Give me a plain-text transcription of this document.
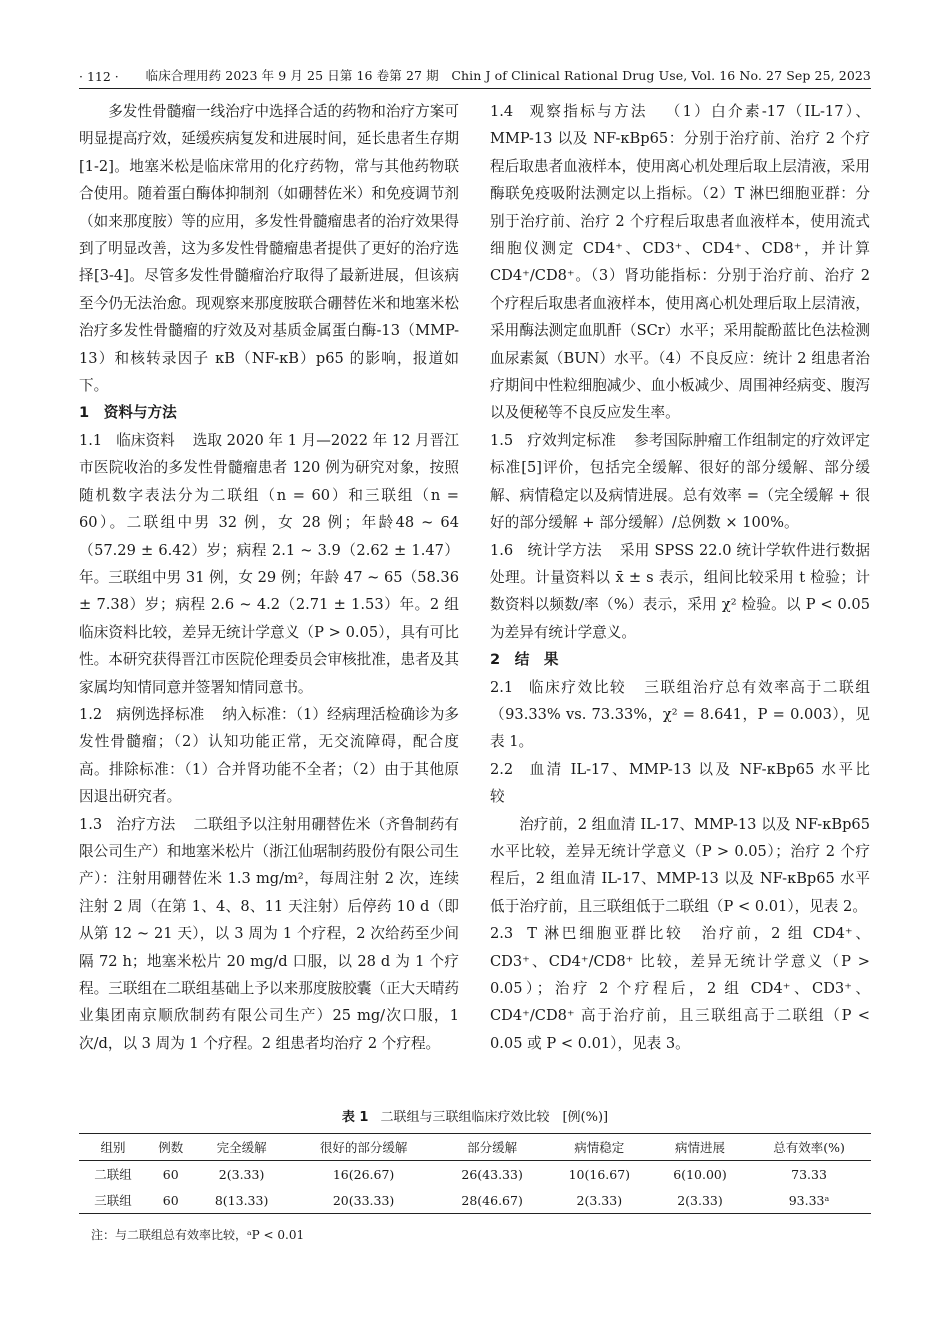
· 112 · 临床合理用药 2023 年 9 月 25 日第 16 卷第 27 期　Chin J of Clinical Rational Drug Use, Vol. 16 No. 27 Sep 25, 2023

多发性骨髓瘤一线治疗中选择合适的药物和治疗方案可明显提高疗效，延缓疾病复发和进展时间，延长患者生存期[1-2]。地塞米松是临床常用的化疗药物，常与其他药物联合使用。随着蛋白酶体抑制剂（如硼替佐米）和免疫调节剂（如来那度胺）等的应用，多发性骨髓瘤患者的治疗效果得到了明显改善，这为多发性骨髓瘤患者提供了更好的治疗选择[3-4]。尽管多发性骨髓瘤治疗取得了最新进展，但该病至今仍无法治愈。现观察来那度胺联合硼替佐米和地塞米松治疗多发性骨髓瘤的疗效及对基质金属蛋白酶-13（MMP-13）和核转录因子 κB（NF-κB）p65 的影响，报道如下。

1　资料与方法

1.1 临床资料 选取 2020 年 1 月—2022 年 12 月晋江市医院收治的多发性骨髓瘤患者 120 例为研究对象，按照随机数字表法分为二联组（n = 60）和三联组（n = 60）。二联组中男 32 例，女 28 例；年龄48 ~ 64（57.29 ± 6.42）岁；病程 2.1 ~ 3.9（2.62 ± 1.47）年。三联组中男 31 例，女 29 例；年龄 47 ~ 65（58.36 ± 7.38）岁；病程 2.6 ~ 4.2（2.71 ± 1.53）年。2 组临床资料比较，差异无统计学意义（P > 0.05），具有可比性。本研究获得晋江市医院伦理委员会审核批准，患者及其家属均知情同意并签署知情同意书。

1.2 病例选择标准 纳入标准：（1）经病理活检确诊为多发性骨髓瘤；（2）认知功能正常，无交流障碍，配合度高。排除标准：（1）合并肾功能不全者；（2）由于其他原因退出研究者。

1.3 治疗方法 二联组予以注射用硼替佐米（齐鲁制药有限公司生产）和地塞米松片（浙江仙琚制药股份有限公司生产）：注射用硼替佐米 1.3 mg/m²，每周注射 2 次，连续注射 2 周（在第 1、4、8、11 天注射）后停药 10 d（即从第 12 ~ 21 天），以 3 周为 1 个疗程，2 次给药至少间隔 72 h；地塞米松片 20 mg/d 口服，以 28 d 为 1 个疗程。三联组在二联组基础上予以来那度胺胶囊（正大天晴药业集团南京顺欣制药有限公司生产）25 mg/次口服，1 次/d，以 3 周为 1 个疗程。2 组患者均治疗 2 个疗程。

1.4 观察指标与方法 （1）白介素-17（IL-17）、MMP-13 以及 NF-κBp65：分别于治疗前、治疗 2 个疗程后取患者血液样本，使用离心机处理后取上层清液，采用酶联免疫吸附法测定以上指标。（2）T 淋巴细胞亚群：分别于治疗前、治疗 2 个疗程后取患者血液样本，使用流式细胞仪测定 CD4⁺、CD3⁺、CD4⁺、CD8⁺，并计算 CD4⁺/CD8⁺。（3）肾功能指标：分别于治疗前、治疗 2 个疗程后取患者血液样本，使用离心机处理后取上层清液，采用酶法测定血肌酐（SCr）水平；采用靛酚蓝比色法检测血尿素氮（BUN）水平。（4）不良反应：统计 2 组患者治疗期间中性粒细胞减少、血小板减少、周围神经病变、腹泻以及便秘等不良反应发生率。

1.5 疗效判定标准 参考国际肿瘤工作组制定的疗效评定标准[5]评价，包括完全缓解、很好的部分缓解、部分缓解、病情稳定以及病情进展。总有效率 =（完全缓解 + 很好的部分缓解 + 部分缓解）/总例数 × 100%。

1.6 统计学方法 采用 SPSS 22.0 统计学软件进行数据处理。计量资料以 x̄ ± s 表示，组间比较采用 t 检验；计数资料以频数/率（%）表示，采用 χ² 检验。以 P < 0.05 为差异有统计学意义。

2　结　果

2.1 临床疗效比较 三联组治疗总有效率高于二联组（93.33% vs. 73.33%，χ² = 8.641，P = 0.003），见表 1。

2.2 血清 IL-17、MMP-13 以及 NF-κBp65 水平比较

治疗前，2 组血清 IL-17、MMP-13 以及 NF-κBp65 水平比较，差异无统计学意义（P > 0.05）；治疗 2 个疗程后，2 组血清 IL-17、MMP-13 以及 NF-κBp65 水平低于治疗前，且三联组低于二联组（P < 0.01），见表 2。

2.3 T 淋巴细胞亚群比较 治疗前，2 组 CD4⁺、CD3⁺、CD4⁺/CD8⁺ 比较，差异无统计学意义（P > 0.05）；治疗 2 个疗程后，2 组 CD4⁺、CD3⁺、CD4⁺/CD8⁺ 高于治疗前，且三联组高于二联组（P < 0.05 或 P < 0.01），见表 3。

表 1 二联组与三联组临床疗效比较　[例(%)]
组别	例数	完全缓解	很好的部分缓解	部分缓解	病情稳定	病情进展	总有效率(%)
二联组	60	2(3.33)	16(26.67)	26(43.33)	10(16.67)	6(10.00)	73.33
三联组	60	8(13.33)	20(33.33)	28(46.67)	2(3.33)	2(3.33)	93.33ᵃ
注：与二联组总有效率比较，ᵃP < 0.01
